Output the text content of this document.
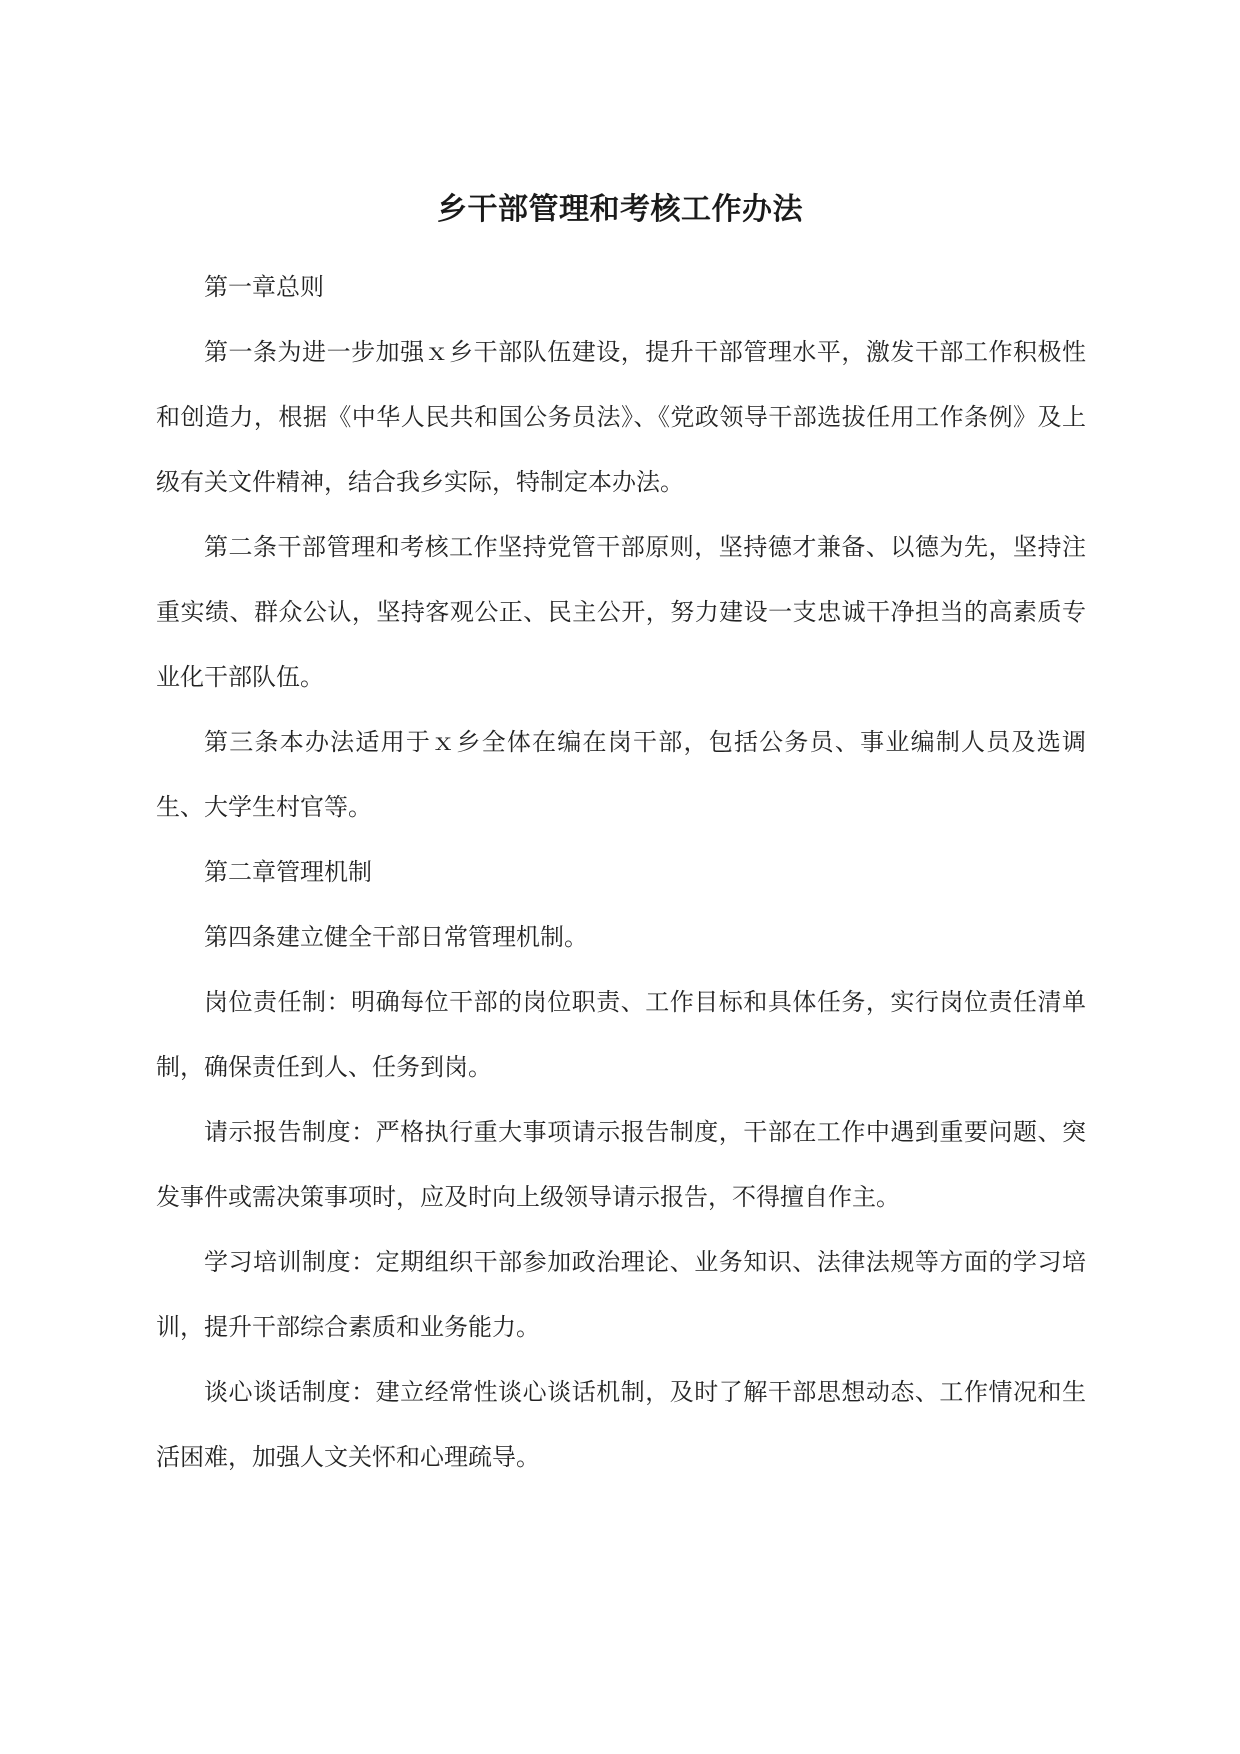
乡干部管理和考核工作办法

第一章总则

第一条为进一步加强ｘ乡干部队伍建设，提升干部管理水平，激发干部工作积极性和创造力，根据《中华人民共和国公务员法》、《党政领导干部选拔任用工作条例》及上级有关文件精神，结合我乡实际，特制定本办法。

第二条干部管理和考核工作坚持党管干部原则，坚持德才兼备、以德为先，坚持注重实绩、群众公认，坚持客观公正、民主公开，努力建设一支忠诚干净担当的高素质专业化干部队伍。

第三条本办法适用于ｘ乡全体在编在岗干部，包括公务员、事业编制人员及选调生、大学生村官等。

第二章管理机制

第四条建立健全干部日常管理机制。

岗位责任制：明确每位干部的岗位职责、工作目标和具体任务，实行岗位责任清单制，确保责任到人、任务到岗。

请示报告制度：严格执行重大事项请示报告制度，干部在工作中遇到重要问题、突发事件或需决策事项时，应及时向上级领导请示报告，不得擅自作主。

学习培训制度：定期组织干部参加政治理论、业务知识、法律法规等方面的学习培训，提升干部综合素质和业务能力。

谈心谈话制度：建立经常性谈心谈话机制，及时了解干部思想动态、工作情况和生活困难，加强人文关怀和心理疏导。
